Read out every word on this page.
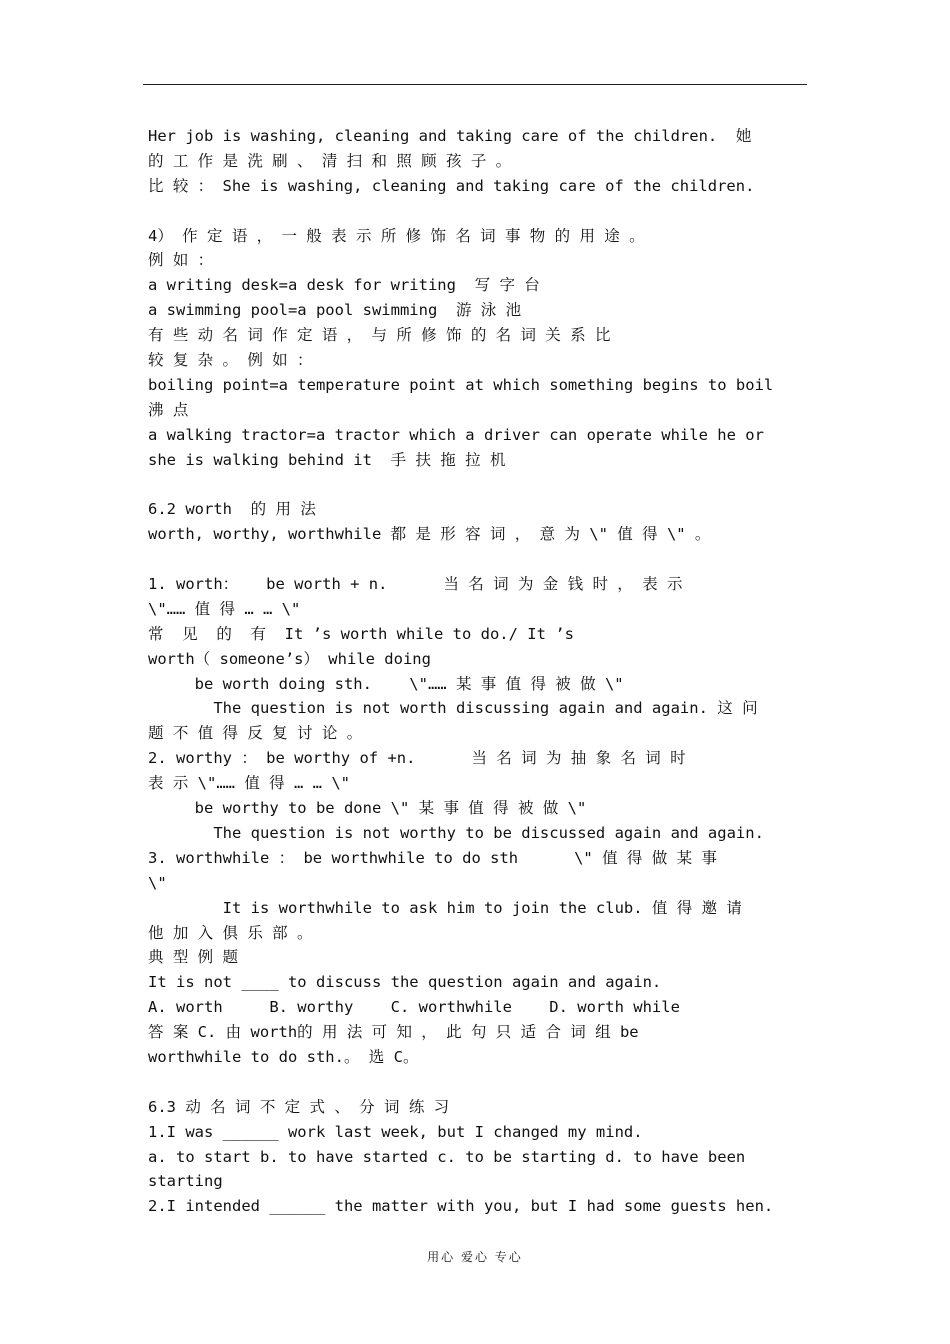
Her job is washing, cleaning and taking care of the children.  她
的 工 作 是 洗 刷 、 清 扫 和 照 顾 孩 子 。
比 较 ： She is washing, cleaning and taking care of the children.
4） 作 定 语 ， 一 般 表 示 所 修 饰 名 词 事 物 的 用 途 。
例 如 ：
a writing desk=a desk for writing  写 字 台
a swimming pool=a pool swimming  游 泳 池
有 些 动 名 词 作 定 语 ， 与 所 修 饰 的 名 词 关 系 比
较 复 杂 。 例 如 ：
boiling point=a temperature point at which something begins to boil
沸 点
a walking tractor=a tractor which a driver can operate while he or
she is walking behind it  手 扶 拖 拉 机
6.2 worth  的 用 法
worth, worthy, worthwhile 都 是 形 容 词 ， 意 为 \" 值 得 \" 。
1. worth：   be worth + n.      当 名 词 为 金 钱 时 ， 表 示
\"…… 值 得 … … \"
常  见  的  有  It ’s worth while to do./ It ’s
worth（ someone’s） while doing
be worth doing sth.    \"…… 某 事 值 得 被 做 \"
The question is not worth discussing again and again. 这 问
题 不 值 得 反 复 讨 论 。
2. worthy ： be worthy of +n.      当 名 词 为 抽 象 名 词 时
表 示 \"…… 值 得 … … \"
be worthy to be done \" 某 事 值 得 被 做 \"
The question is not worthy to be discussed again and again.
3. worthwhile ： be worthwhile to do sth      \" 值 得 做 某 事
\"
It is worthwhile to ask him to join the club. 值 得 邀 请
他 加 入 俱 乐 部 。
典 型 例 题
It is not ____ to discuss the question again and again.
A. worth     B. worthy    C. worthwhile    D. worth while
答 案 C. 由 worth的 用 法 可 知 ， 此 句 只 适 合 词 组 be
worthwhile to do sth.。 选 C。
6.3 动 名 词 不 定 式 、 分 词 练 习
1.I was ______ work last week, but I changed my mind.
a. to start b. to have started c. to be starting d. to have been
starting
2.I intended ______ the matter with you, but I had some guests hen.
用心 爱心 专心
